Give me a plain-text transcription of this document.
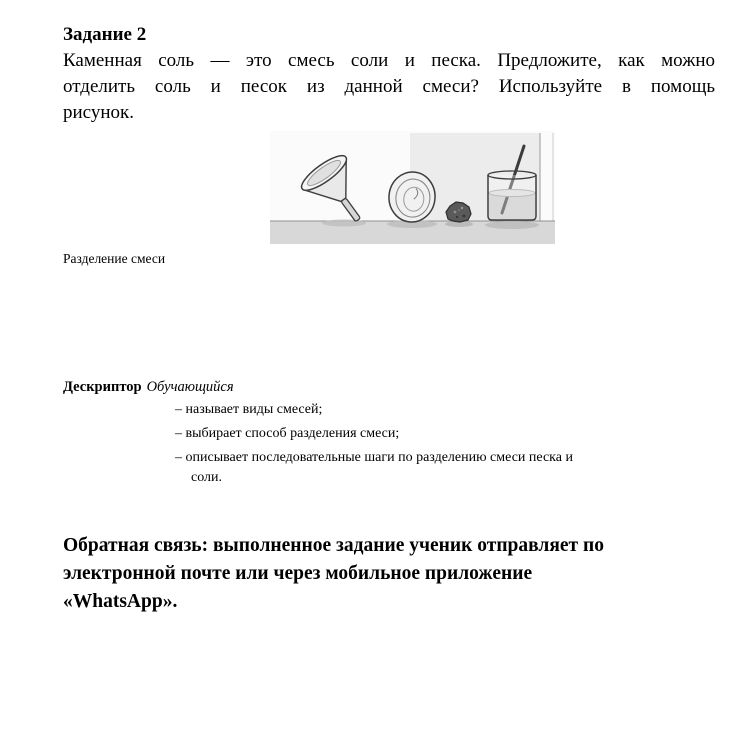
Задание 2
Каменная соль — это смесь соли и песка. Предложите, как можно
отделить соль и песок из данной смеси? Используйте в помощь
рисунок.
Разделение смеси
Дескриптор Обучающийся
– называет виды смесей;
– выбирает способ разделения смеси;
– описывает последовательные шаги по разделению смеси песка и
соли.
Обратная связь: выполненное задание ученик отправляет по
электронной почте или через мобильное приложение
«WhatsApp».
